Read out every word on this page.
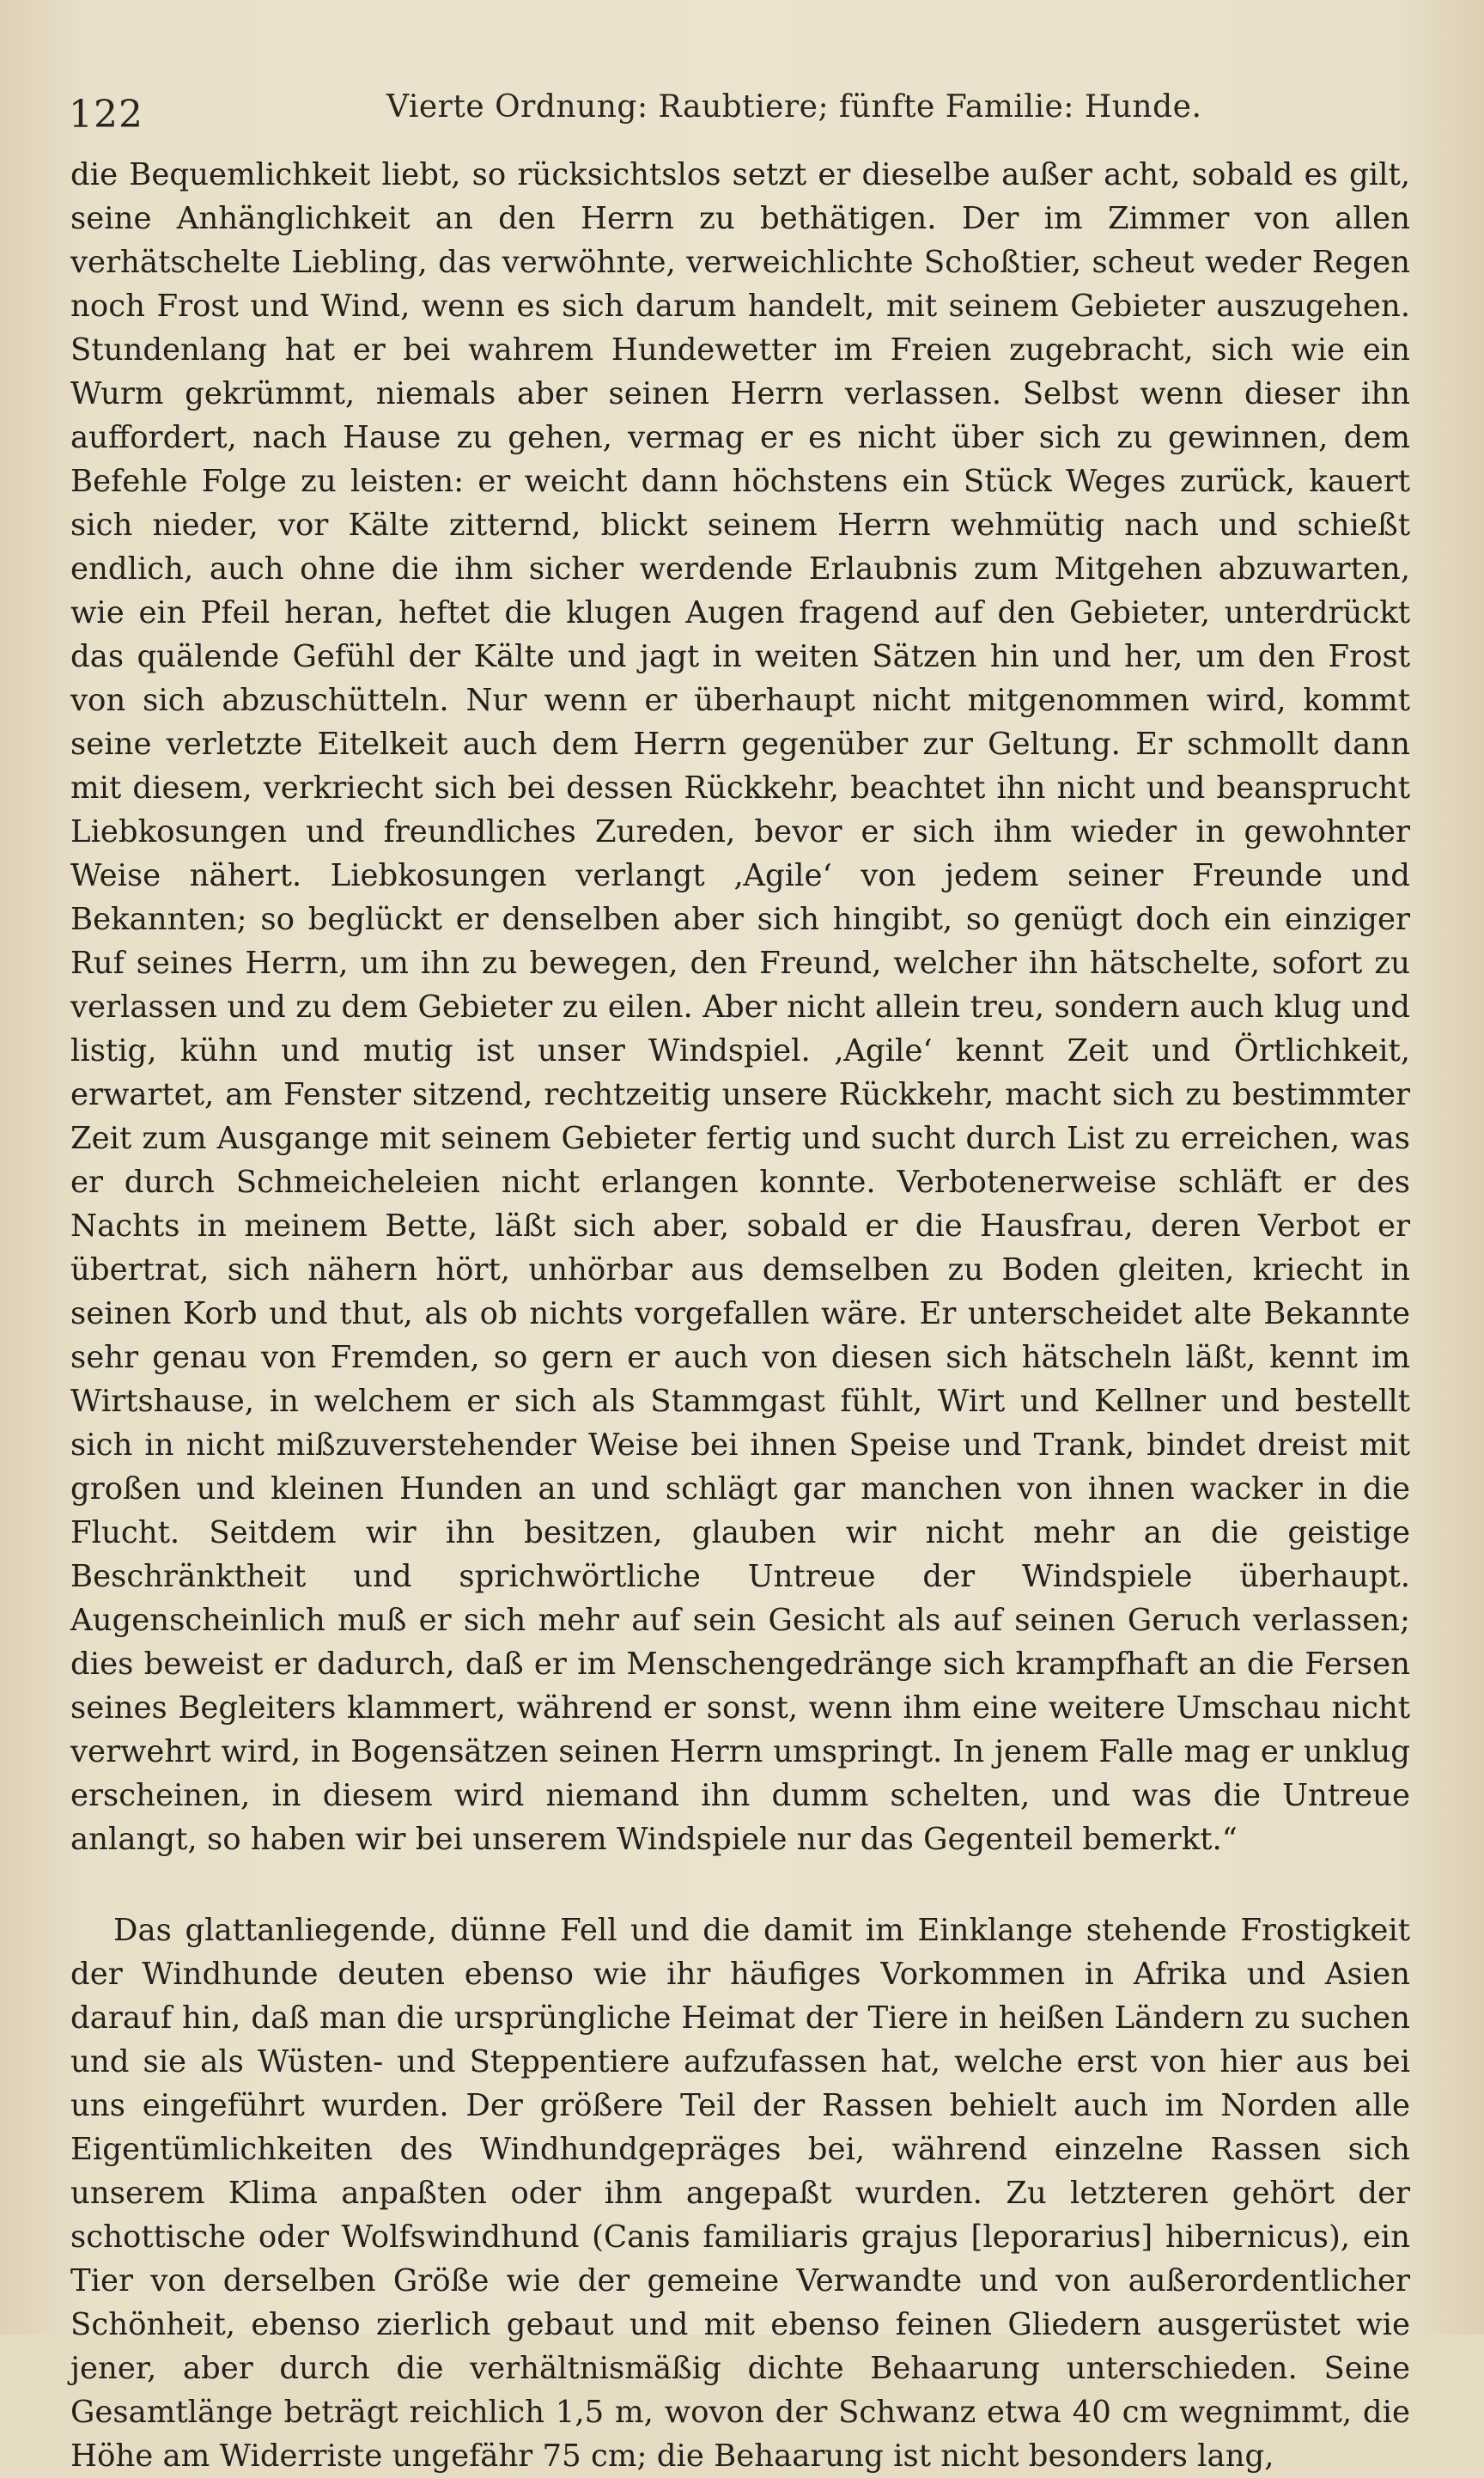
122	Vierte Ordnung: Raubtiere; fünfte Familie: Hunde.

die Bequemlichkeit liebt, so rücksichtslos setzt er dieselbe außer acht, sobald es gilt, seine Anhänglichkeit an den Herrn zu bethätigen. Der im Zimmer von allen verhätschelte Liebling, das verwöhnte, verweichlichte Schoßtier, scheut weder Regen noch Frost und Wind, wenn es sich darum handelt, mit seinem Gebieter auszugehen. Stundenlang hat er bei wahrem Hundewetter im Freien zugebracht, sich wie ein Wurm gekrümmt, niemals aber seinen Herrn verlassen. Selbst wenn dieser ihn auffordert, nach Hause zu gehen, vermag er es nicht über sich zu gewinnen, dem Befehle Folge zu leisten: er weicht dann höchstens ein Stück Weges zurück, kauert sich nieder, vor Kälte zitternd, blickt seinem Herrn wehmütig nach und schießt endlich, auch ohne die ihm sicher werdende Erlaubnis zum Mitgehen abzuwarten, wie ein Pfeil heran, heftet die klugen Augen fragend auf den Gebieter, unterdrückt das quälende Gefühl der Kälte und jagt in weiten Sätzen hin und her, um den Frost von sich abzuschütteln. Nur wenn er überhaupt nicht mitgenommen wird, kommt seine verletzte Eitelkeit auch dem Herrn gegenüber zur Geltung. Er schmollt dann mit diesem, verkriecht sich bei dessen Rückkehr, beachtet ihn nicht und beansprucht Liebkosungen und freundliches Zureden, bevor er sich ihm wieder in gewohnter Weise nähert. Liebkosungen verlangt ‚Agile‘ von jedem seiner Freunde und Bekannten; so beglückt er denselben aber sich hingibt, so genügt doch ein einziger Ruf seines Herrn, um ihn zu bewegen, den Freund, welcher ihn hätschelte, sofort zu verlassen und zu dem Gebieter zu eilen. Aber nicht allein treu, sondern auch klug und listig, kühn und mutig ist unser Windspiel. ‚Agile‘ kennt Zeit und Örtlichkeit, erwartet, am Fenster sitzend, rechtzeitig unsere Rückkehr, macht sich zu bestimmter Zeit zum Ausgange mit seinem Gebieter fertig und sucht durch List zu erreichen, was er durch Schmeicheleien nicht erlangen konnte. Verbotenerweise schläft er des Nachts in meinem Bette, läßt sich aber, sobald er die Hausfrau, deren Verbot er übertrat, sich nähern hört, unhörbar aus demselben zu Boden gleiten, kriecht in seinen Korb und thut, als ob nichts vorgefallen wäre. Er unterscheidet alte Bekannte sehr genau von Fremden, so gern er auch von diesen sich hätscheln läßt, kennt im Wirtshause, in welchem er sich als Stammgast fühlt, Wirt und Kellner und bestellt sich in nicht mißzuverstehender Weise bei ihnen Speise und Trank, bindet dreist mit großen und kleinen Hunden an und schlägt gar manchen von ihnen wacker in die Flucht. Seitdem wir ihn besitzen, glauben wir nicht mehr an die geistige Beschränktheit und sprichwörtliche Untreue der Windspiele überhaupt. Augenscheinlich muß er sich mehr auf sein Gesicht als auf seinen Geruch verlassen; dies beweist er dadurch, daß er im Menschengedränge sich krampfhaft an die Fersen seines Begleiters klammert, während er sonst, wenn ihm eine weitere Umschau nicht verwehrt wird, in Bogensätzen seinen Herrn umspringt. In jenem Falle mag er unklug erscheinen, in diesem wird niemand ihn dumm schelten, und was die Untreue anlangt, so haben wir bei unserem Windspiele nur das Gegenteil bemerkt.“

Das glattanliegende, dünne Fell und die damit im Einklange stehende Frostigkeit der Windhunde deuten ebenso wie ihr häufiges Vorkommen in Afrika und Asien darauf hin, daß man die ursprüngliche Heimat der Tiere in heißen Ländern zu suchen und sie als Wüsten- und Steppentiere aufzufassen hat, welche erst von hier aus bei uns eingeführt wurden. Der größere Teil der Rassen behielt auch im Norden alle Eigentümlichkeiten des Windhundgepräges bei, während einzelne Rassen sich unserem Klima anpaßten oder ihm angepaßt wurden. Zu letzteren gehört der schottische oder Wolfswindhund (Canis familiaris grajus [leporarius] hibernicus), ein Tier von derselben Größe wie der gemeine Verwandte und von außerordentlicher Schönheit, ebenso zierlich gebaut und mit ebenso feinen Gliedern ausgerüstet wie jener, aber durch die verhältnismäßig dichte Behaarung unterschieden. Seine Gesamtlänge beträgt reichlich 1,5 m, wovon der Schwanz etwa 40 cm wegnimmt, die Höhe am Widerriste ungefähr 75 cm; die Behaarung ist nicht besonders lang,
